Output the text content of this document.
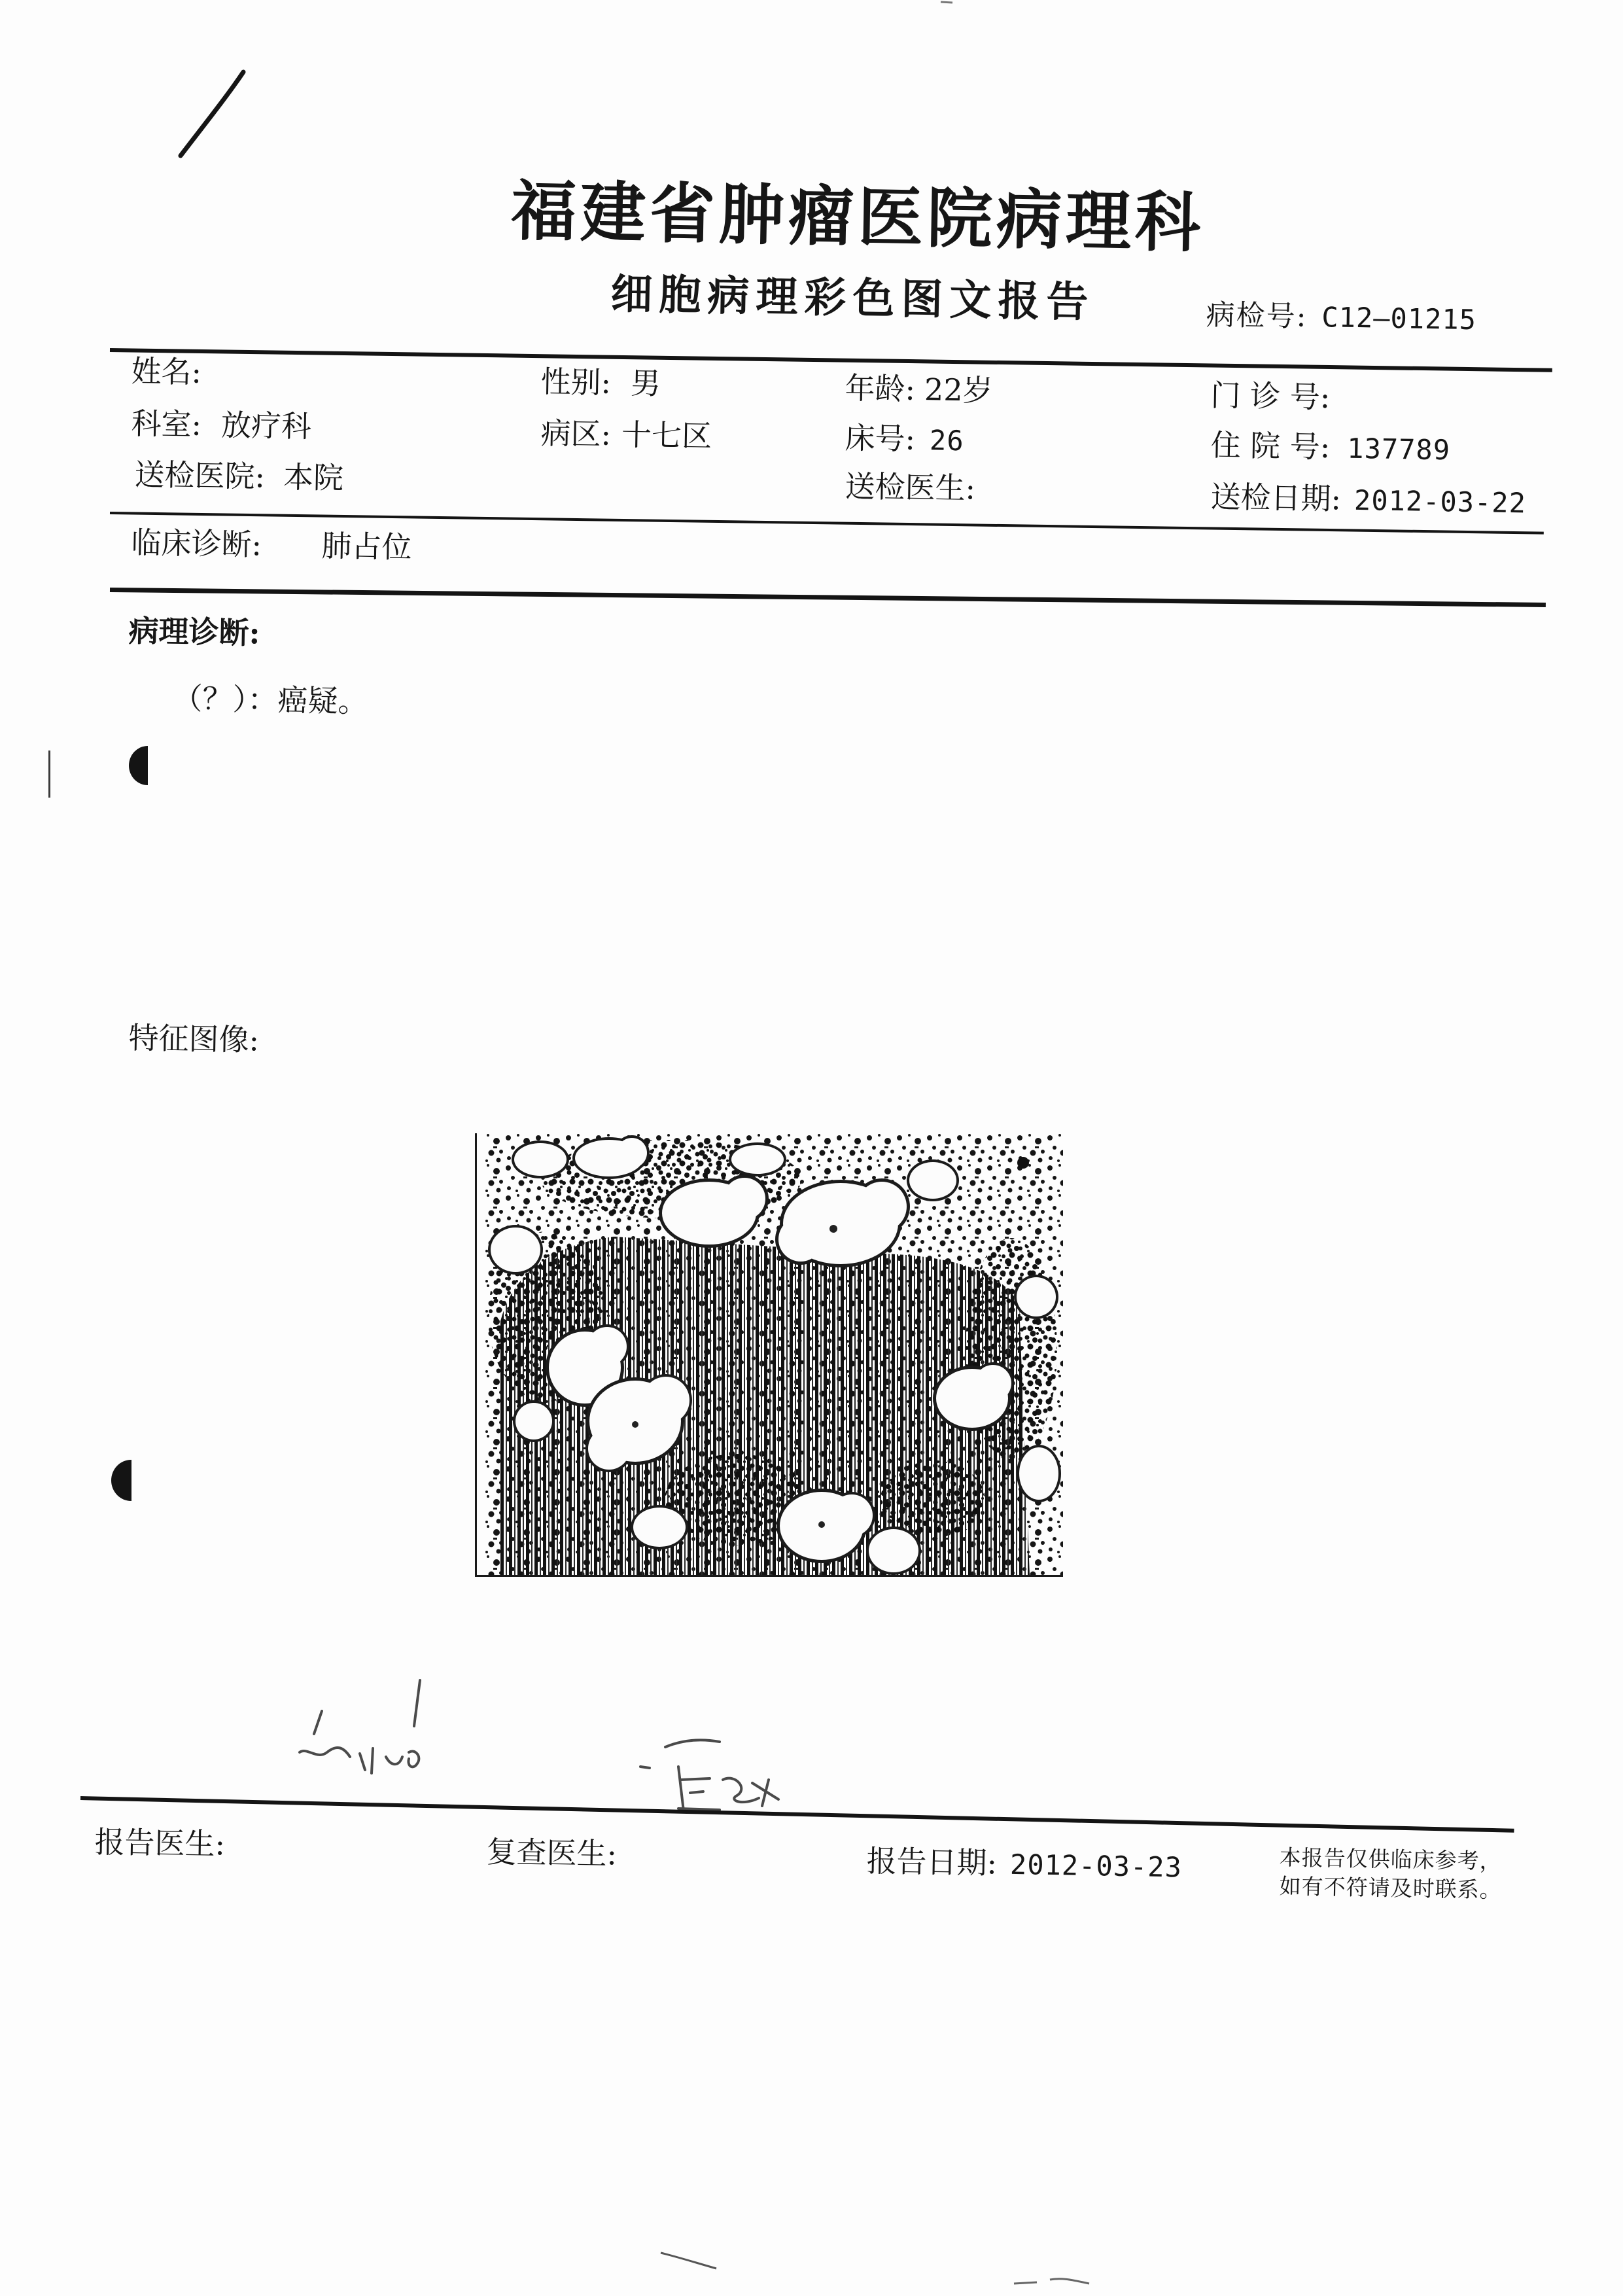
福建省肿瘤医院病理科
细胞病理彩色图文报告	病检号: C12—01215
姓名:	性别: 男	年龄: 22岁	门 诊 号:
科室: 放疗科	病区: 十七区	床号: 26	住 院 号: 137789
送检医院: 本院	送检医生:	送检日期: 2012-03-22
临床诊断: 肺占位
病理诊断:
（？）：癌疑。
特征图像:
报告医生:	复查医生:	报告日期: 2012-03-23	本报告仅供临床参考，
如有不符请及时联系。
